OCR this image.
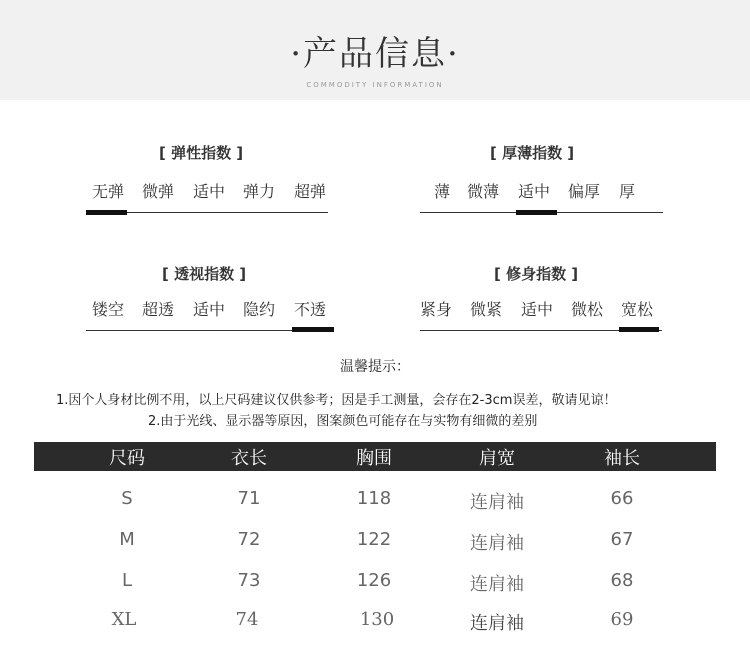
·产品信息·
COMMODITY INFORMATION
[ 弹性指数 ]
无弹 微弹 适中 弹力 超弹
[ 厚薄指数 ]
薄 微薄 适中 偏厚 厚
[ 透视指数 ]
镂空 超透 适中 隐约 不透
[ 修身指数 ]
紧身 微紧 适中 微松 宽松
温馨提示：
1.因个人身材比例不用，以上尺码建议仅供参考；因是手工测量，会存在2-3cm误差，敬请见谅！
2.由于光线、显示器等原因，图案颜色可能存在与实物有细微的差别
尺码	衣长	胸围	肩宽	袖长
S	71	118	连肩袖	66
M	72	122	连肩袖	67
L	73	126	连肩袖	68
XL	74	130	连肩袖	69
